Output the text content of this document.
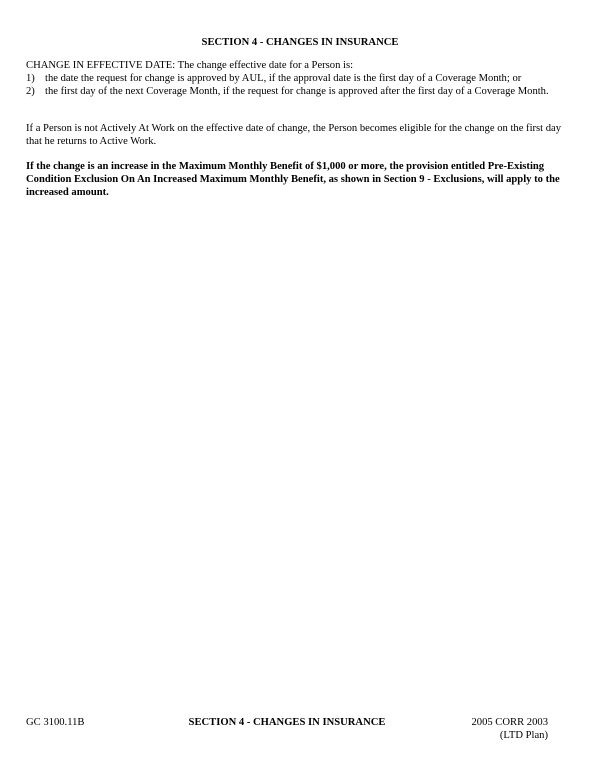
SECTION 4 - CHANGES IN INSURANCE

CHANGE IN EFFECTIVE DATE: The change effective date for a Person is:

1) the date the request for change is approved by AUL, if the approval date is the first day of a Coverage Month; or
2) the first day of the next Coverage Month, if the request for change is approved after the first day of a Coverage Month.

If a Person is not Actively At Work on the effective date of change, the Person becomes eligible for the change on the first day that he returns to Active Work.

If the change is an increase in the Maximum Monthly Benefit of $1,000 or more, the provision entitled Pre-Existing Condition Exclusion On An Increased Maximum Monthly Benefit, as shown in Section 9 - Exclusions, will apply to the increased amount.

GC 3100.11B	SECTION 4 - CHANGES IN INSURANCE	2005 CORR 2003
(LTD Plan)
